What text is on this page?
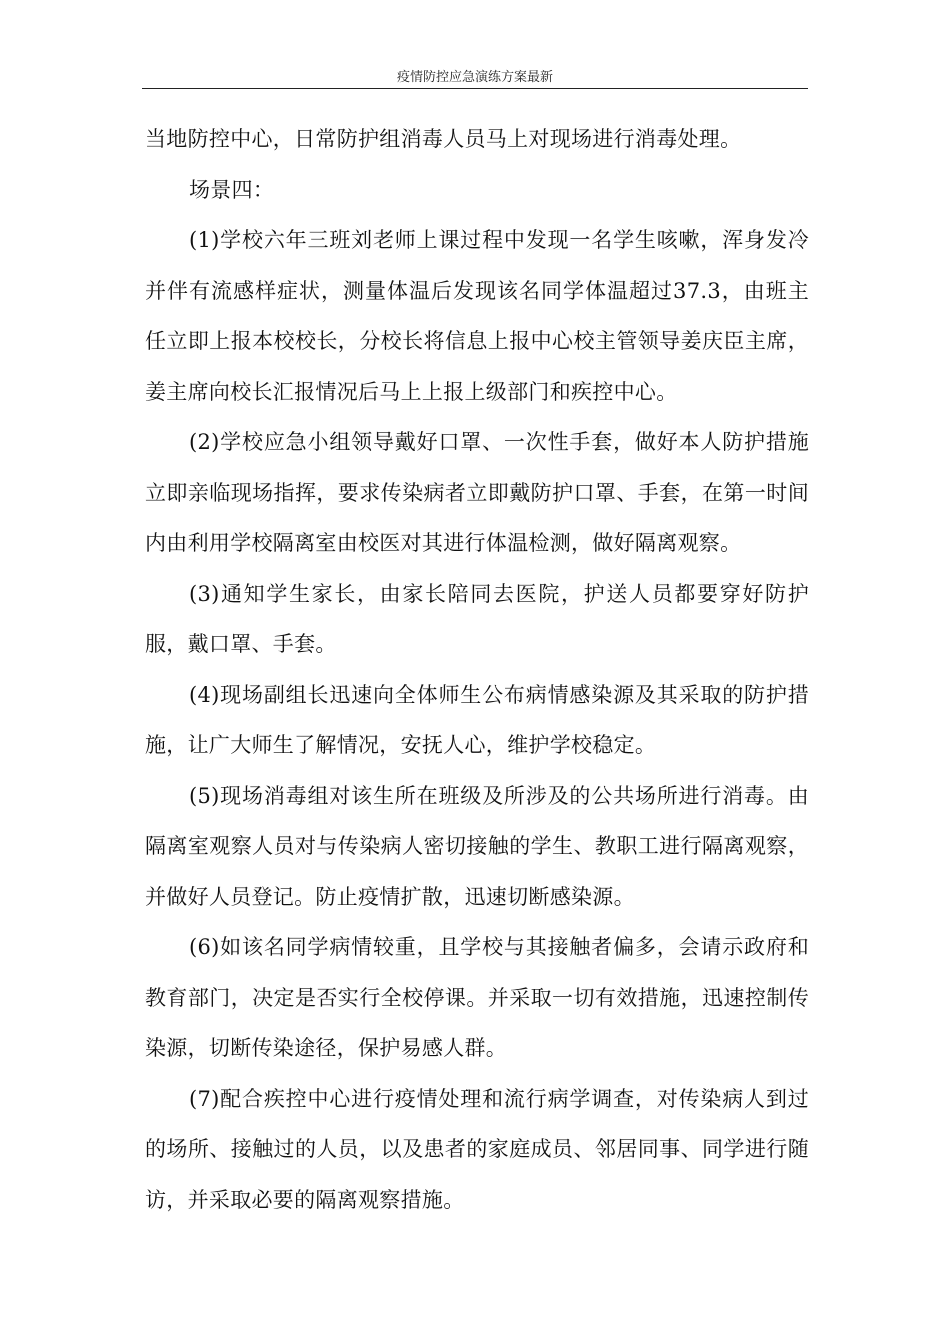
疫情防控应急演练方案最新

当地防控中心，日常防护组消毒人员马上对现场进行消毒处理。

场景四：

(1)学校六年三班刘老师上课过程中发现一名学生咳嗽，浑身发冷并伴有流感样症状，测量体温后发现该名同学体温超过37.3，由班主任立即上报本校校长，分校长将信息上报中心校主管领导姜庆臣主席，姜主席向校长汇报情况后马上上报上级部门和疾控中心。

(2)学校应急小组领导戴好口罩、一次性手套，做好本人防护措施立即亲临现场指挥，要求传染病者立即戴防护口罩、手套，在第一时间内由利用学校隔离室由校医对其进行体温检测，做好隔离观察。

(3)通知学生家长，由家长陪同去医院，护送人员都要穿好防护服，戴口罩、手套。

(4)现场副组长迅速向全体师生公布病情感染源及其采取的防护措施，让广大师生了解情况，安抚人心，维护学校稳定。

(5)现场消毒组对该生所在班级及所涉及的公共场所进行消毒。由隔离室观察人员对与传染病人密切接触的学生、教职工进行隔离观察，并做好人员登记。防止疫情扩散，迅速切断感染源。

(6)如该名同学病情较重，且学校与其接触者偏多，会请示政府和教育部门，决定是否实行全校停课。并采取一切有效措施，迅速控制传染源，切断传染途径，保护易感人群。

(7)配合疾控中心进行疫情处理和流行病学调查，对传染病人到过的场所、接触过的人员，以及患者的家庭成员、邻居同事、同学进行随访，并采取必要的隔离观察措施。
